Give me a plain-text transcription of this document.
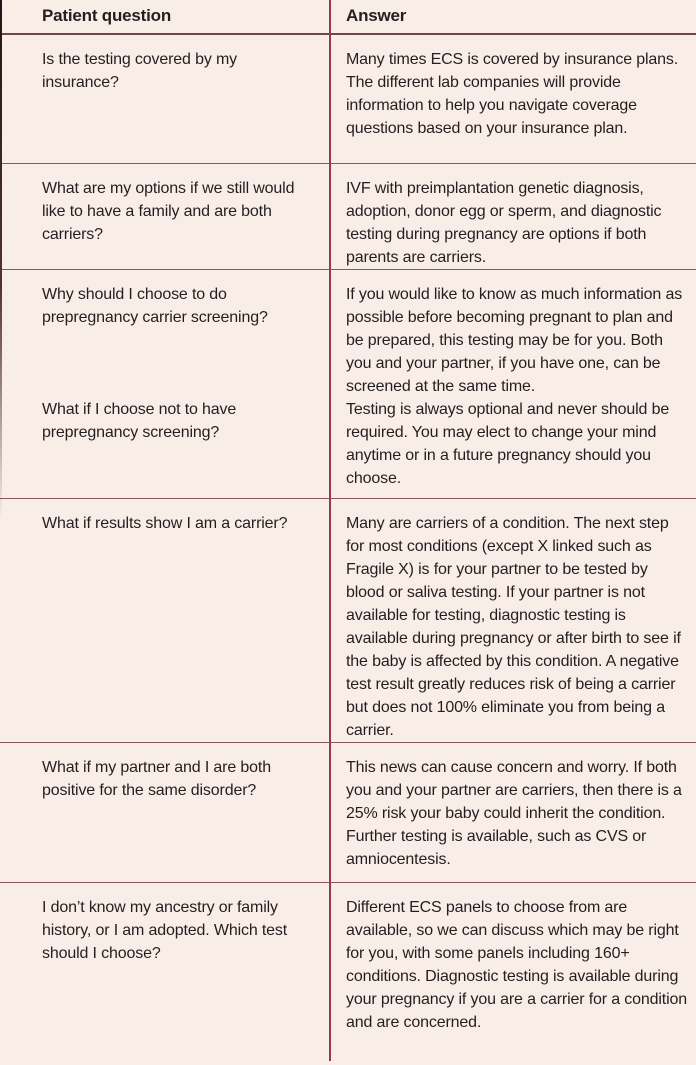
Patient question	Answer
Is the testing covered by my insurance?
Many times ECS is covered by insurance plans. The different lab companies will provide information to help you navigate coverage questions based on your insurance plan.
What are my options if we still would like to have a family and are both carriers?
IVF with preimplantation genetic diagnosis, adoption, donor egg or sperm, and diagnostic testing during pregnancy are options if both parents are carriers.
Why should I choose to do prepregnancy carrier screening?
If you would like to know as much information as possible before becoming pregnant to plan and be prepared, this testing may be for you. Both you and your partner, if you have one, can be screened at the same time.
What if I choose not to have prepregnancy screening?
Testing is always optional and never should be required. You may elect to change your mind anytime or in a future pregnancy should you choose.
What if results show I am a carrier?	Many are carriers of a condition. The next step for most conditions (except X linked such as Fragile X) is for your partner to be tested by blood or saliva testing. If your partner is not available for testing, diagnostic testing is available during pregnancy or after birth to see if the baby is affected by this condition. A negative test result greatly reduces risk of being a carrier but does not 100% eliminate you from being a carrier.
What if my partner and I are both positive for the same disorder?
This news can cause concern and worry. If both you and your partner are carriers, then there is a 25% risk your baby could inherit the condition. Further testing is available, such as CVS or amniocentesis.
I don’t know my ancestry or family history, or I am adopted. Which test should I choose?
Different ECS panels to choose from are available, so we can discuss which may be right for you, with some panels including 160+ conditions. Diagnostic testing is available during your pregnancy if you are a carrier for a condition and are concerned.
